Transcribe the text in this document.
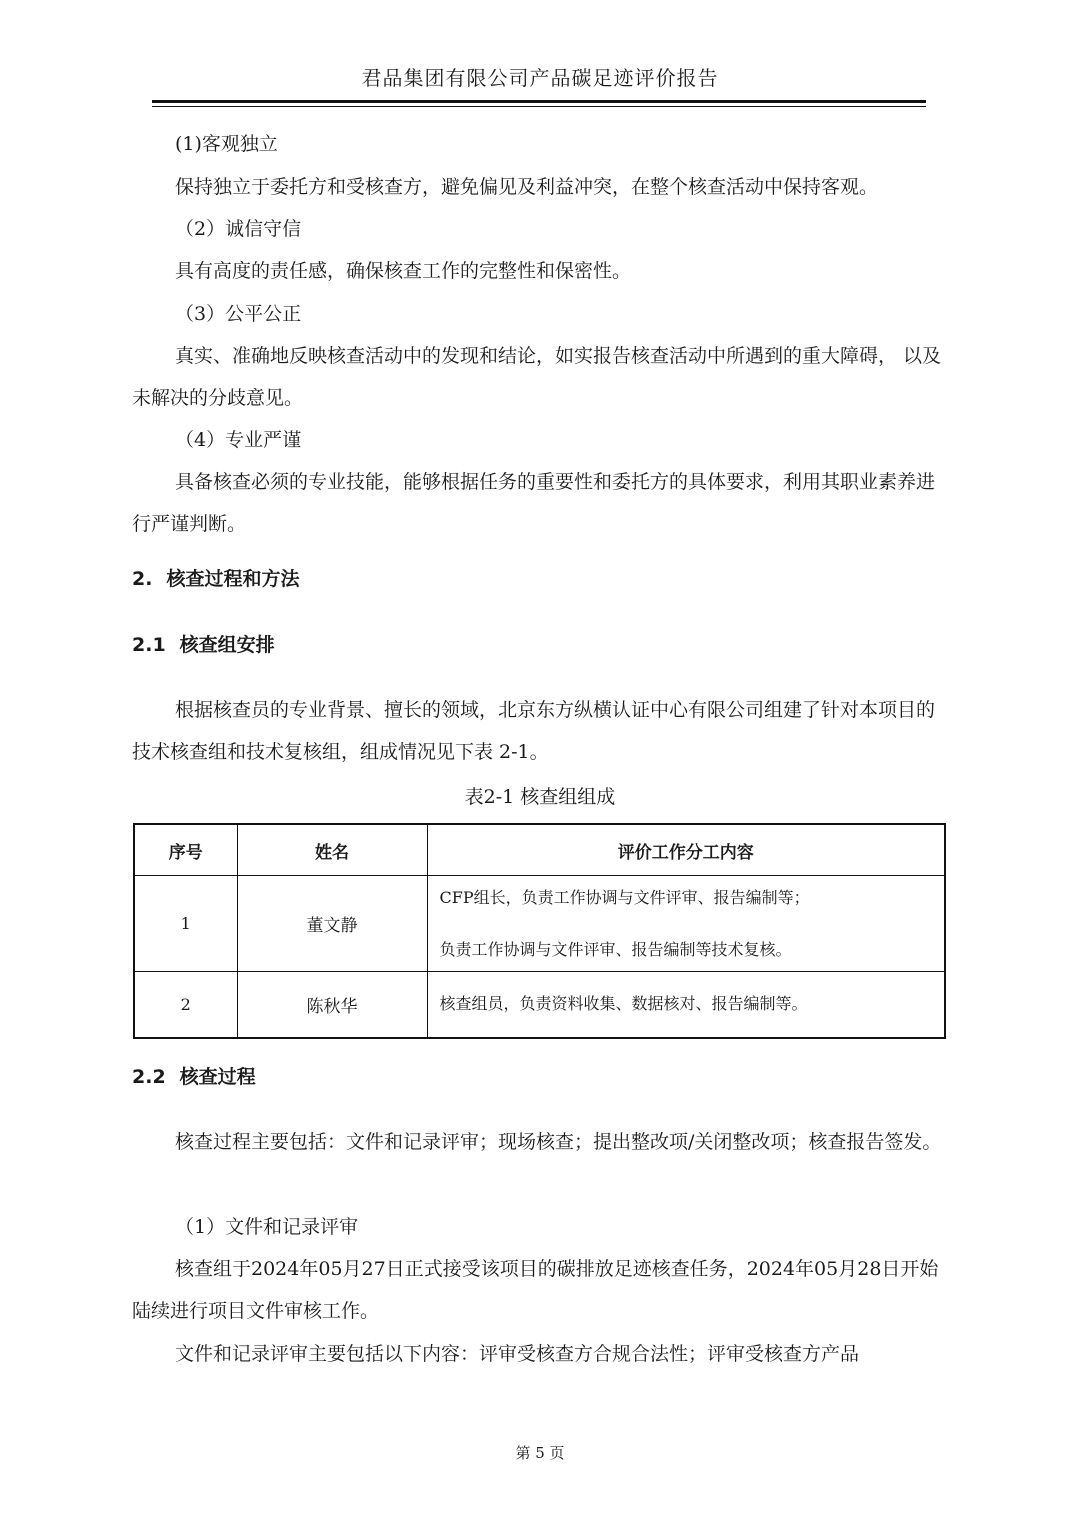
君品集团有限公司产品碳足迹评价报告
(1)客观独立
保持独立于委托方和受核查方，避免偏见及利益冲突，在整个核查活动中保持客观。
（2）诚信守信
具有高度的责任感，确保核查工作的完整性和保密性。
（3）公平公正
真实、准确地反映核查活动中的发现和结论，如实报告核查活动中所遇到的重大障碍， 以及未解决的分歧意见。
（4）专业严谨
具备核查必须的专业技能，能够根据任务的重要性和委托方的具体要求，利用其职业素养进行严谨判断。
2. 核查过程和方法
2.1 核查组安排
根据核查员的专业背景、擅长的领域，北京东方纵横认证中心有限公司组建了针对本项目的技术核查组和技术复核组，组成情况见下表 2-1。
表2-1 核查组组成
序号	姓名	评价工作分工内容
1	董文静	CFP组长，负责工作协调与文件评审、报告编制等；
负责工作协调与文件评审、报告编制等技术复核。

2	陈秋华	核查组员，负责资料收集、数据核对、报告编制等。
2.2 核查过程
核查过程主要包括：文件和记录评审；现场核查；提出整改项/关闭整改项；核查报告签发。
（1）文件和记录评审
核查组于2024年05月27日正式接受该项目的碳排放足迹核查任务，2024年05月28日开始陆续进行项目文件审核工作。
文件和记录评审主要包括以下内容：评审受核查方合规合法性；评审受核查方产品
第 5 页
